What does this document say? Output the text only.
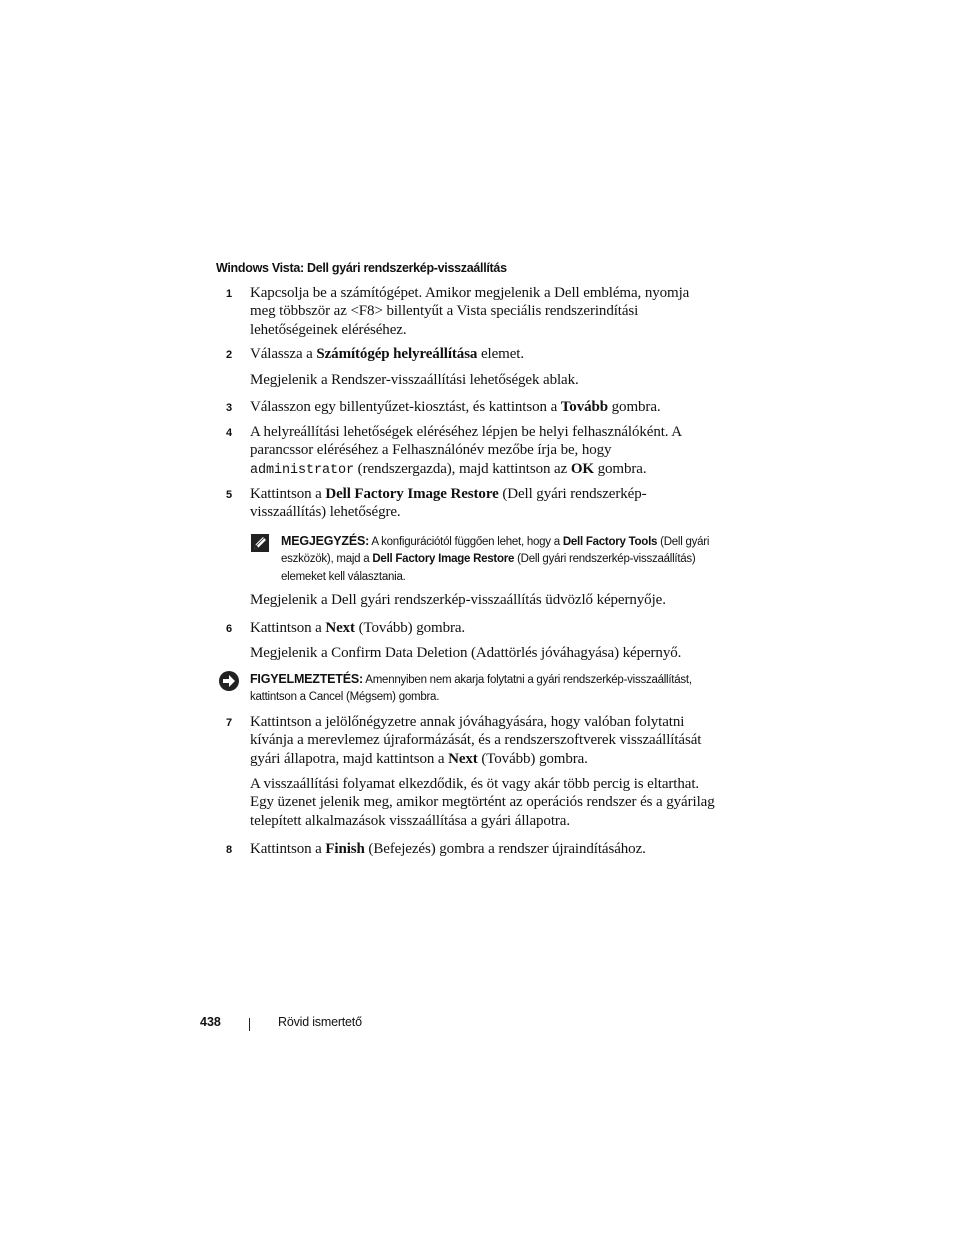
Windows Vista: Dell gyári rendszerkép-visszaállítás
1	Kapcsolja be a számítógépet. Amikor megjelenik a Dell embléma, nyomja meg többször az <F8> billentyűt a Vista speciális rendszerindítási lehetőségeinek eléréséhez.
2	Válassza a Számítógép helyreállítása elemet.
Megjelenik a Rendszer-visszaállítási lehetőségek ablak.
3	Válasszon egy billentyűzet-kiosztást, és kattintson a Tovább gombra.
4	A helyreállítási lehetőségek eléréséhez lépjen be helyi felhasználóként. A parancssor eléréséhez a Felhasználónév mezőbe írja be, hogy administrator (rendszergazda), majd kattintson az OK gombra.
5	Kattintson a Dell Factory Image Restore (Dell gyári rendszerkép-visszaállítás) lehetőségre.
MEGJEGYZÉS: A konfigurációtól függően lehet, hogy a Dell Factory Tools (Dell gyári eszközök), majd a Dell Factory Image Restore (Dell gyári rendszerkép-visszaállítás) elemeket kell választania.
Megjelenik a Dell gyári rendszerkép-visszaállítás üdvözlő képernyője.
6	Kattintson a Next (Tovább) gombra.
Megjelenik a Confirm Data Deletion (Adattörlés jóváhagyása) képernyő.
FIGYELMEZTETÉS: Amennyiben nem akarja folytatni a gyári rendszerkép-visszaállítást, kattintson a Cancel (Mégsem) gombra.
7	Kattintson a jelölőnégyzetre annak jóváhagyására, hogy valóban folytatni kívánja a merevlemez újraformázását, és a rendszerszoftverek visszaállítását gyári állapotra, majd kattintson a Next (Tovább) gombra.
A visszaállítási folyamat elkezdődik, és öt vagy akár több percig is eltarthat. Egy üzenet jelenik meg, amikor megtörtént az operációs rendszer és a gyárilag telepített alkalmazások visszaállítása a gyári állapotra.
8	Kattintson a Finish (Befejezés) gombra a rendszer újraindításához.
438	Rövid ismertető
